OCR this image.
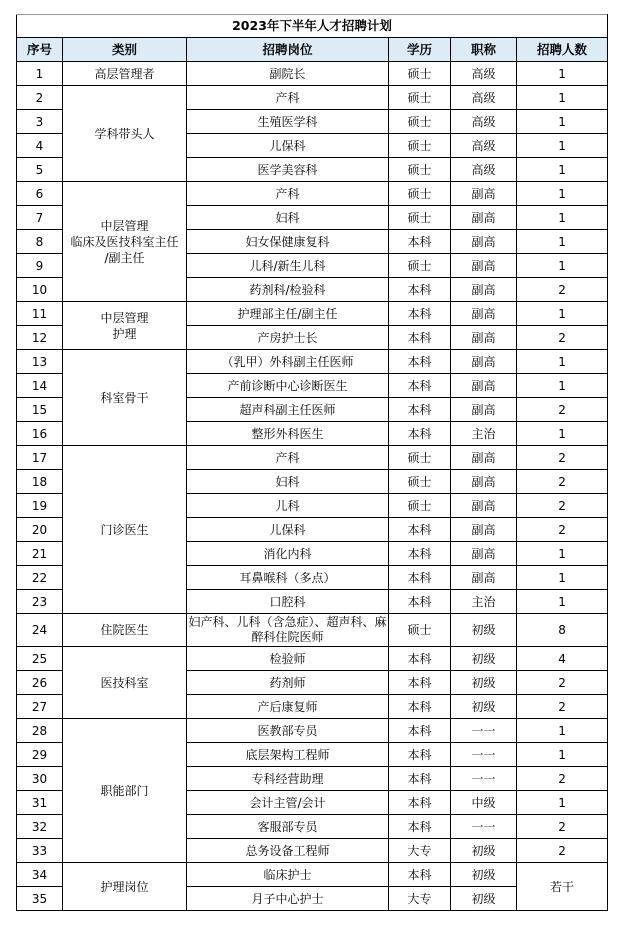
2023年下半年人才招聘计划					
序号	类别	招聘岗位	学历	职称	招聘人数
1	高层管理者	副院长	硕士	高级	1
2	学科带头人	产科	硕士	高级	1
3		生殖医学科	硕士	高级	1
4		儿保科	硕士	高级	1
5		医学美容科	硕士	高级	1
6	中层管理
临床及医技科室主任
/副主任	产科	硕士	副高	1
7		妇科	硕士	副高	1
8		妇女保健康复科	本科	副高	1
9		儿科/新生儿科	硕士	副高	1
10		药剂科/检验科	本科	副高	2
11	中层管理
护理	护理部主任/副主任	本科	副高	1
12		产房护士长	本科	副高	2
13	科室骨干	（乳甲）外科副主任医师	本科	副高	1
14		产前诊断中心诊断医生	本科	副高	1
15		超声科副主任医师	本科	副高	2
16		整形外科医生	本科	主治	1
17	门诊医生	产科	硕士	副高	2
18		妇科	硕士	副高	2
19		儿科	硕士	副高	2
20		儿保科	本科	副高	2
21		消化内科	本科	副高	1
22		耳鼻喉科（多点）	本科	副高	1
23		口腔科	本科	主治	1
24	住院医生	妇产科、儿科（含急症）、超声科、麻醉科住院医师	硕士	初级	8
25	医技科室	检验师	本科	初级	4
26		药剂师	本科	初级	2
27		产后康复师	本科	初级	2
28	职能部门	医教部专员	本科	一一	1
29		底层架构工程师	本科	一一	1
30		专科经营助理	本科	一一	2
31		会计主管/会计	本科	中级	1
32		客服部专员	本科	一一	2
33		总务设备工程师	大专	初级	2
34	护理岗位	临床护士	本科	初级	若干
35		月子中心护士	大专	初级	
